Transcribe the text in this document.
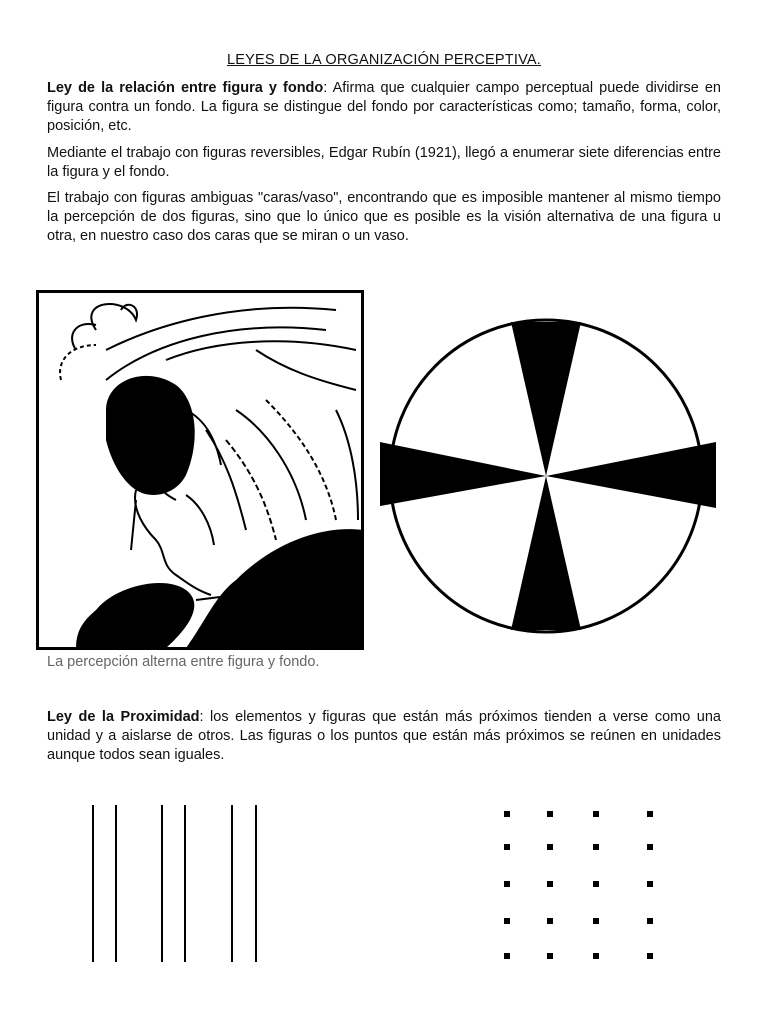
LEYES DE LA ORGANIZACIÓN PERCEPTIVA.

Ley de la relación entre figura y fondo: Afirma que cualquier campo perceptual puede dividirse en figura contra un fondo. La figura se distingue del fondo por características como; tamaño, forma, color, posición, etc.

Mediante el trabajo con figuras reversibles, Edgar Rubín (1921), llegó a enumerar siete diferencias entre la figura y el fondo.

El trabajo con figuras ambiguas "caras/vaso", encontrando que es imposible mantener al mismo tiempo la percepción de dos figuras, sino que lo único que es posible es la visión alternativa de una figura u otra, en nuestro caso dos caras que se miran o un vaso.

La percepción alterna entre figura y fondo.

Ley de la Proximidad: los elementos y figuras que están más próximos tienden a verse como una unidad y a aislarse de otros. Las figuras o los puntos que están más próximos se reúnen en unidades aunque todos sean iguales.
